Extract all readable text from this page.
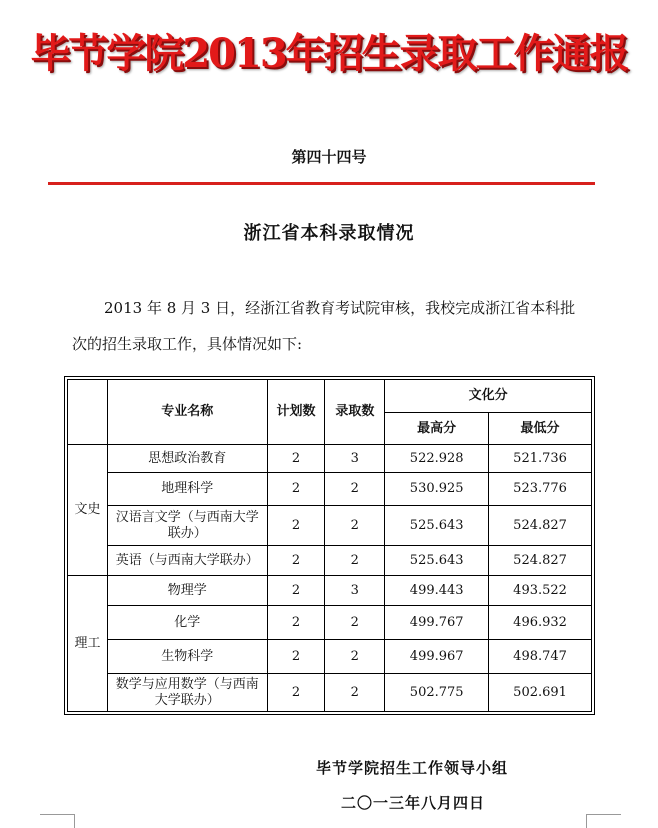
毕节学院2013年招生录取工作通报
第四十四号
浙江省本科录取情况

2013 年 8 月 3 日，经浙江省教育考试院审核，我校完成浙江省本科批次的招生录取工作，具体情况如下:

	专业名称	计划数	录取数	文化分	
				最高分	最低分
文史	思想政治教育	2	3	522.928	521.736
	地理科学	2	2	530.925	523.776
	汉语言文学（与西南大学联办）	2	2	525.643	524.827
	英语（与西南大学联办）	2	2	525.643	524.827
理工	物理学	2	3	499.443	493.522
	化学	2	2	499.767	496.932
	生物科学	2	2	499.967	498.747
	数学与应用数学（与西南大学联办）	2	2	502.775	502.691
毕节学院招生工作领导小组
二〇一三年八月四日
